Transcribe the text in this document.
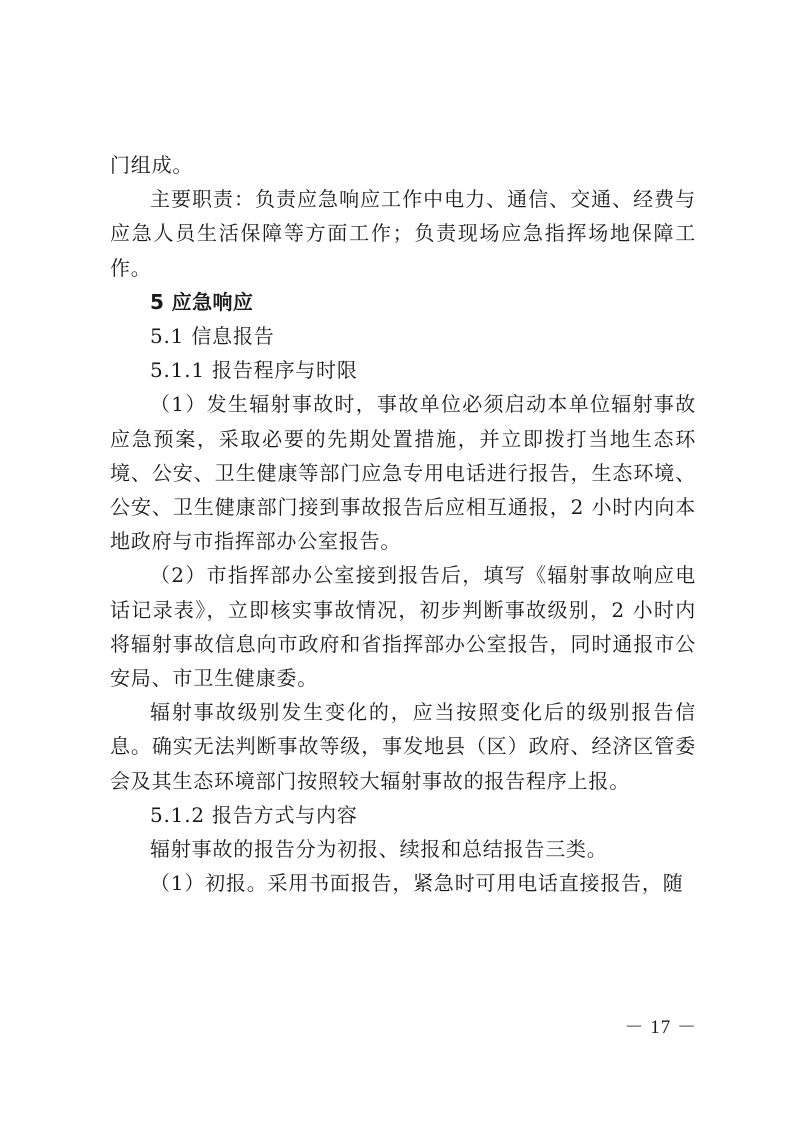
门组成。

主要职责：负责应急响应工作中电力、通信、交通、经费与应急人员生活保障等方面工作；负责现场应急指挥场地保障工作。

5 应急响应

5.1 信息报告

5.1.1 报告程序与时限

（1）发生辐射事故时，事故单位必须启动本单位辐射事故应急预案，采取必要的先期处置措施，并立即拨打当地生态环境、公安、卫生健康等部门应急专用电话进行报告，生态环境、公安、卫生健康部门接到事故报告后应相互通报，2 小时内向本地政府与市指挥部办公室报告。

（2）市指挥部办公室接到报告后，填写《辐射事故响应电话记录表》，立即核实事故情况，初步判断事故级别，2 小时内将辐射事故信息向市政府和省指挥部办公室报告，同时通报市公安局、市卫生健康委。

辐射事故级别发生变化的，应当按照变化后的级别报告信息。确实无法判断事故等级，事发地县（区）政府、经济区管委会及其生态环境部门按照较大辐射事故的报告程序上报。

5.1.2 报告方式与内容

辐射事故的报告分为初报、续报和总结报告三类。

（1）初报。采用书面报告，紧急时可用电话直接报告，随

－ 17 －
